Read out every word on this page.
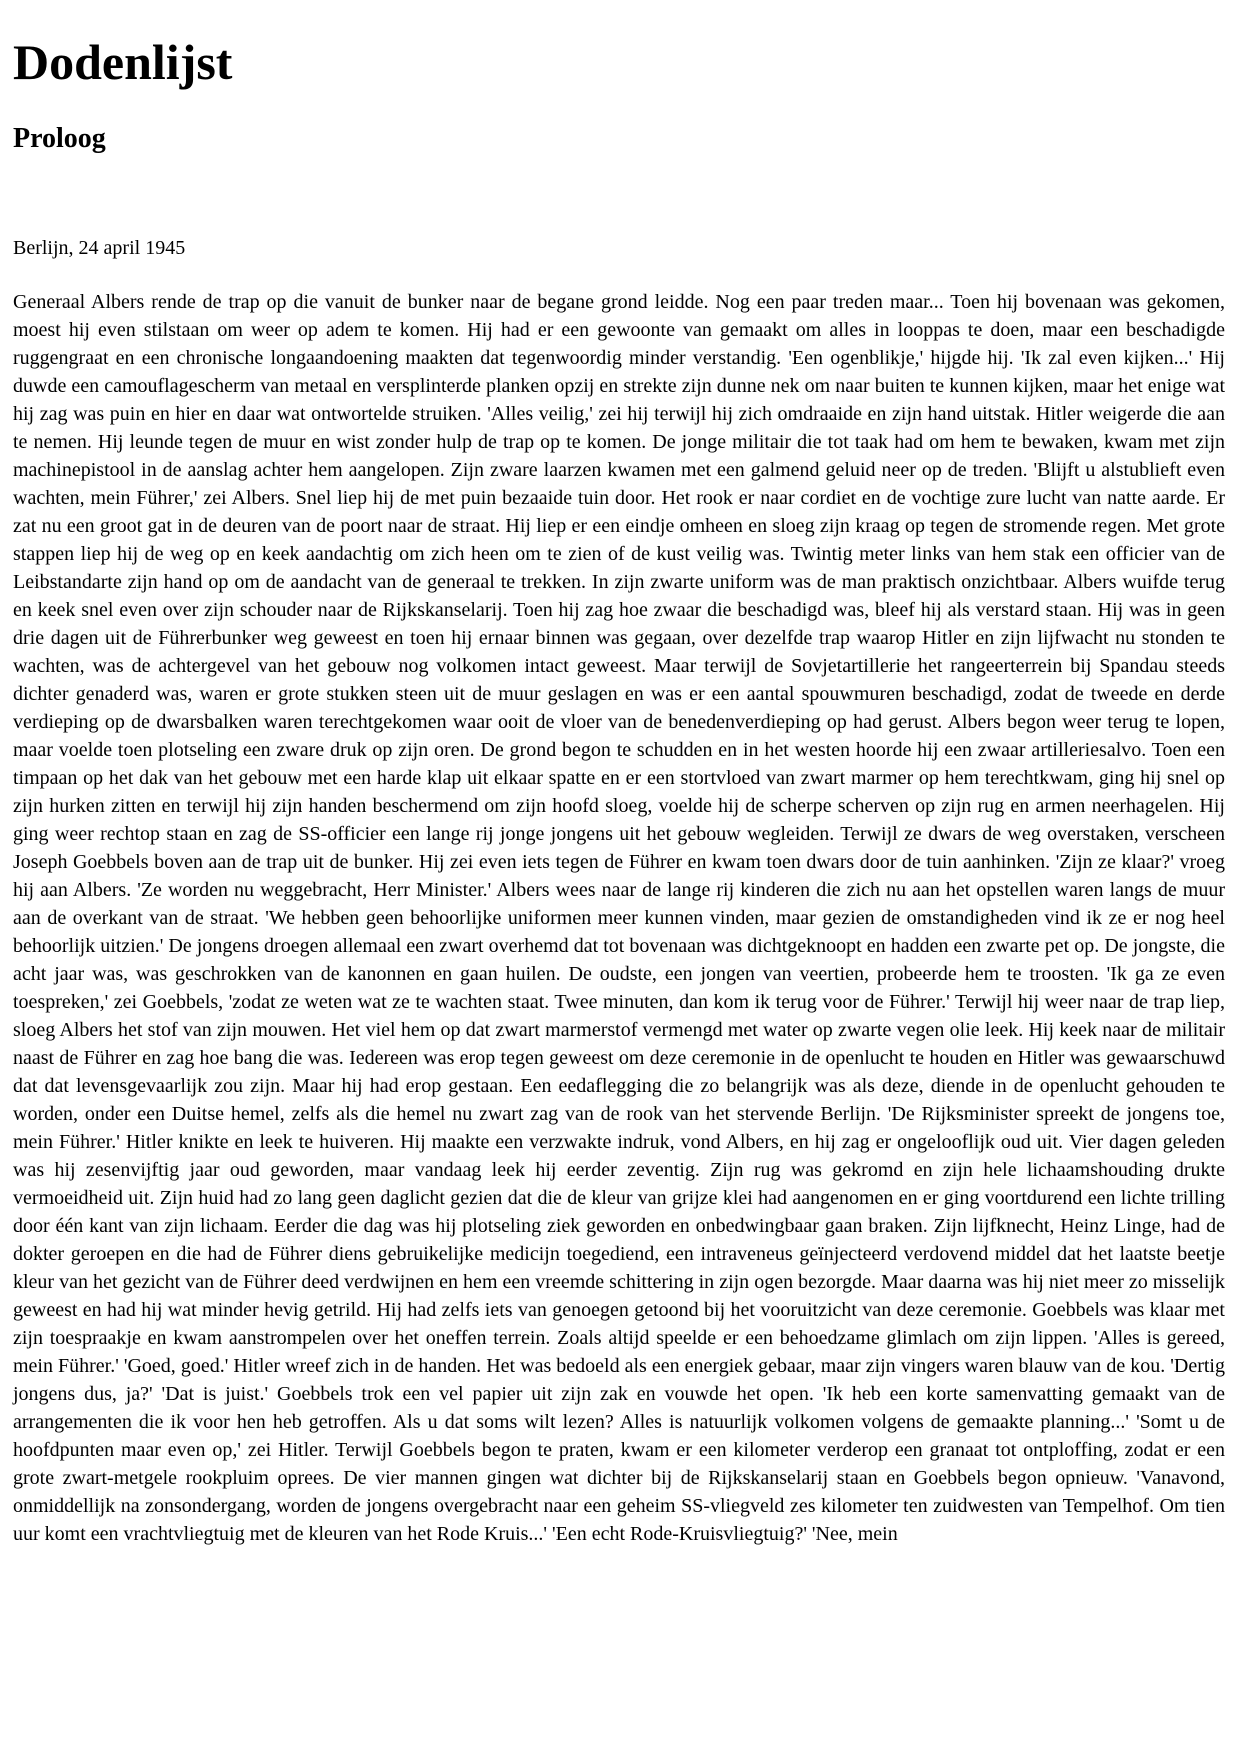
Dodenlijst
Proloog

Berlijn, 24 april 1945

Generaal Albers rende de trap op die vanuit de bunker naar de begane grond leidde. Nog een paar treden maar... Toen hij bovenaan was gekomen, moest hij even stilstaan om weer op adem te komen. Hij had er een gewoonte van gemaakt om alles in looppas te doen, maar een beschadigde ruggengraat en een chronische longaandoening maakten dat tegenwoordig minder verstandig. 'Een ogenblikje,' hijgde hij. 'Ik zal even kijken...' Hij duwde een camouflagescherm van metaal en versplinterde planken opzij en strekte zijn dunne nek om naar buiten te kunnen kijken, maar het enige wat hij zag was puin en hier en daar wat ontwortelde struiken. 'Alles veilig,' zei hij terwijl hij zich omdraaide en zijn hand uitstak. Hitler weigerde die aan te nemen. Hij leunde tegen de muur en wist zonder hulp de trap op te komen. De jonge militair die tot taak had om hem te bewaken, kwam met zijn machinepistool in de aanslag achter hem aangelopen. Zijn zware laarzen kwamen met een galmend geluid neer op de treden. 'Blijft u alstublieft even wachten, mein Führer,' zei Albers. Snel liep hij de met puin bezaaide tuin door. Het rook er naar cordiet en de vochtige zure lucht van natte aarde. Er zat nu een groot gat in de deuren van de poort naar de straat. Hij liep er een eindje omheen en sloeg zijn kraag op tegen de stromende regen. Met grote stappen liep hij de weg op en keek aandachtig om zich heen om te zien of de kust veilig was. Twintig meter links van hem stak een officier van de Leibstandarte zijn hand op om de aandacht van de generaal te trekken. In zijn zwarte uniform was de man praktisch onzichtbaar. Albers wuifde terug en keek snel even over zijn schouder naar de Rijkskanselarij. Toen hij zag hoe zwaar die beschadigd was, bleef hij als verstard staan. Hij was in geen drie dagen uit de Führerbunker weg geweest en toen hij ernaar binnen was gegaan, over dezelfde trap waarop Hitler en zijn lijfwacht nu stonden te wachten, was de achtergevel van het gebouw nog volkomen intact geweest. Maar terwijl de Sovjetartillerie het rangeerterrein bij Spandau steeds dichter genaderd was, waren er grote stukken steen uit de muur geslagen en was er een aantal spouwmuren beschadigd, zodat de tweede en derde verdieping op de dwarsbalken waren terechtgekomen waar ooit de vloer van de benedenverdieping op had gerust. Albers begon weer terug te lopen, maar voelde toen plotseling een zware druk op zijn oren. De grond begon te schudden en in het westen hoorde hij een zwaar artilleriesalvo. Toen een timpaan op het dak van het gebouw met een harde klap uit elkaar spatte en er een stortvloed van zwart marmer op hem terechtkwam, ging hij snel op zijn hurken zitten en terwijl hij zijn handen beschermend om zijn hoofd sloeg, voelde hij de scherpe scherven op zijn rug en armen neerhagelen. Hij ging weer rechtop staan en zag de SS-officier een lange rij jonge jongens uit het gebouw wegleiden. Terwijl ze dwars de weg overstaken, verscheen Joseph Goebbels boven aan de trap uit de bunker. Hij zei even iets tegen de Führer en kwam toen dwars door de tuin aanhinken. 'Zijn ze klaar?' vroeg hij aan Albers. 'Ze worden nu weggebracht, Herr Minister.' Albers wees naar de lange rij kinderen die zich nu aan het opstellen waren langs de muur aan de overkant van de straat. 'We hebben geen behoorlijke uniformen meer kunnen vinden, maar gezien de omstandigheden vind ik ze er nog heel behoorlijk uitzien.' De jongens droegen allemaal een zwart overhemd dat tot bovenaan was dichtgeknoopt en hadden een zwarte pet op. De jongste, die acht jaar was, was geschrokken van de kanonnen en gaan huilen. De oudste, een jongen van veertien, probeerde hem te troosten. 'Ik ga ze even toespreken,' zei Goebbels, 'zodat ze weten wat ze te wachten staat. Twee minuten, dan kom ik terug voor de Führer.' Terwijl hij weer naar de trap liep, sloeg Albers het stof van zijn mouwen. Het viel hem op dat zwart marmerstof vermengd met water op zwarte vegen olie leek. Hij keek naar de militair naast de Führer en zag hoe bang die was. Iedereen was erop tegen geweest om deze ceremonie in de openlucht te houden en Hitler was gewaarschuwd dat dat levensgevaarlijk zou zijn. Maar hij had erop gestaan. Een eedaflegging die zo belangrijk was als deze, diende in de openlucht gehouden te worden, onder een Duitse hemel, zelfs als die hemel nu zwart zag van de rook van het stervende Berlijn. 'De Rijksminister spreekt de jongens toe, mein Führer.' Hitler knikte en leek te huiveren. Hij maakte een verzwakte indruk, vond Albers, en hij zag er ongelooflijk oud uit. Vier dagen geleden was hij zesenvijftig jaar oud geworden, maar vandaag leek hij eerder zeventig. Zijn rug was gekromd en zijn hele lichaamshouding drukte vermoeidheid uit. Zijn huid had zo lang geen daglicht gezien dat die de kleur van grijze klei had aangenomen en er ging voortdurend een lichte trilling door één kant van zijn lichaam. Eerder die dag was hij plotseling ziek geworden en onbedwingbaar gaan braken. Zijn lijfknecht, Heinz Linge, had de dokter geroepen en die had de Führer diens gebruikelijke medicijn toegediend, een intraveneus geïnjecteerd verdovend middel dat het laatste beetje kleur van het gezicht van de Führer deed verdwijnen en hem een vreemde schittering in zijn ogen bezorgde. Maar daarna was hij niet meer zo misselijk geweest en had hij wat minder hevig getrild. Hij had zelfs iets van genoegen getoond bij het vooruitzicht van deze ceremonie. Goebbels was klaar met zijn toespraakje en kwam aanstrompelen over het oneffen terrein. Zoals altijd speelde er een behoedzame glimlach om zijn lippen. 'Alles is gereed, mein Führer.' 'Goed, goed.' Hitler wreef zich in de handen. Het was bedoeld als een energiek gebaar, maar zijn vingers waren blauw van de kou. 'Dertig jongens dus, ja?' 'Dat is juist.' Goebbels trok een vel papier uit zijn zak en vouwde het open. 'Ik heb een korte samenvatting gemaakt van de arrangementen die ik voor hen heb getroffen. Als u dat soms wilt lezen? Alles is natuurlijk volkomen volgens de gemaakte planning...' 'Somt u de hoofdpunten maar even op,' zei Hitler. Terwijl Goebbels begon te praten, kwam er een kilometer verderop een granaat tot ontploffing, zodat er een grote zwart-metgele rookpluim opreеs. De vier mannen gingen wat dichter bij de Rijkskanselarij staan en Goebbels begon opnieuw. 'Vanavond, onmiddellijk na zonsondergang, worden de jongens overgebracht naar een geheim SS-vliegveld zes kilometer ten zuidwesten van Tempelhof. Om tien uur komt een vrachtvliegtuig met de kleuren van het Rode Kruis...' 'Een echt Rode-Kruisvliegtuig?' 'Nee, mein
